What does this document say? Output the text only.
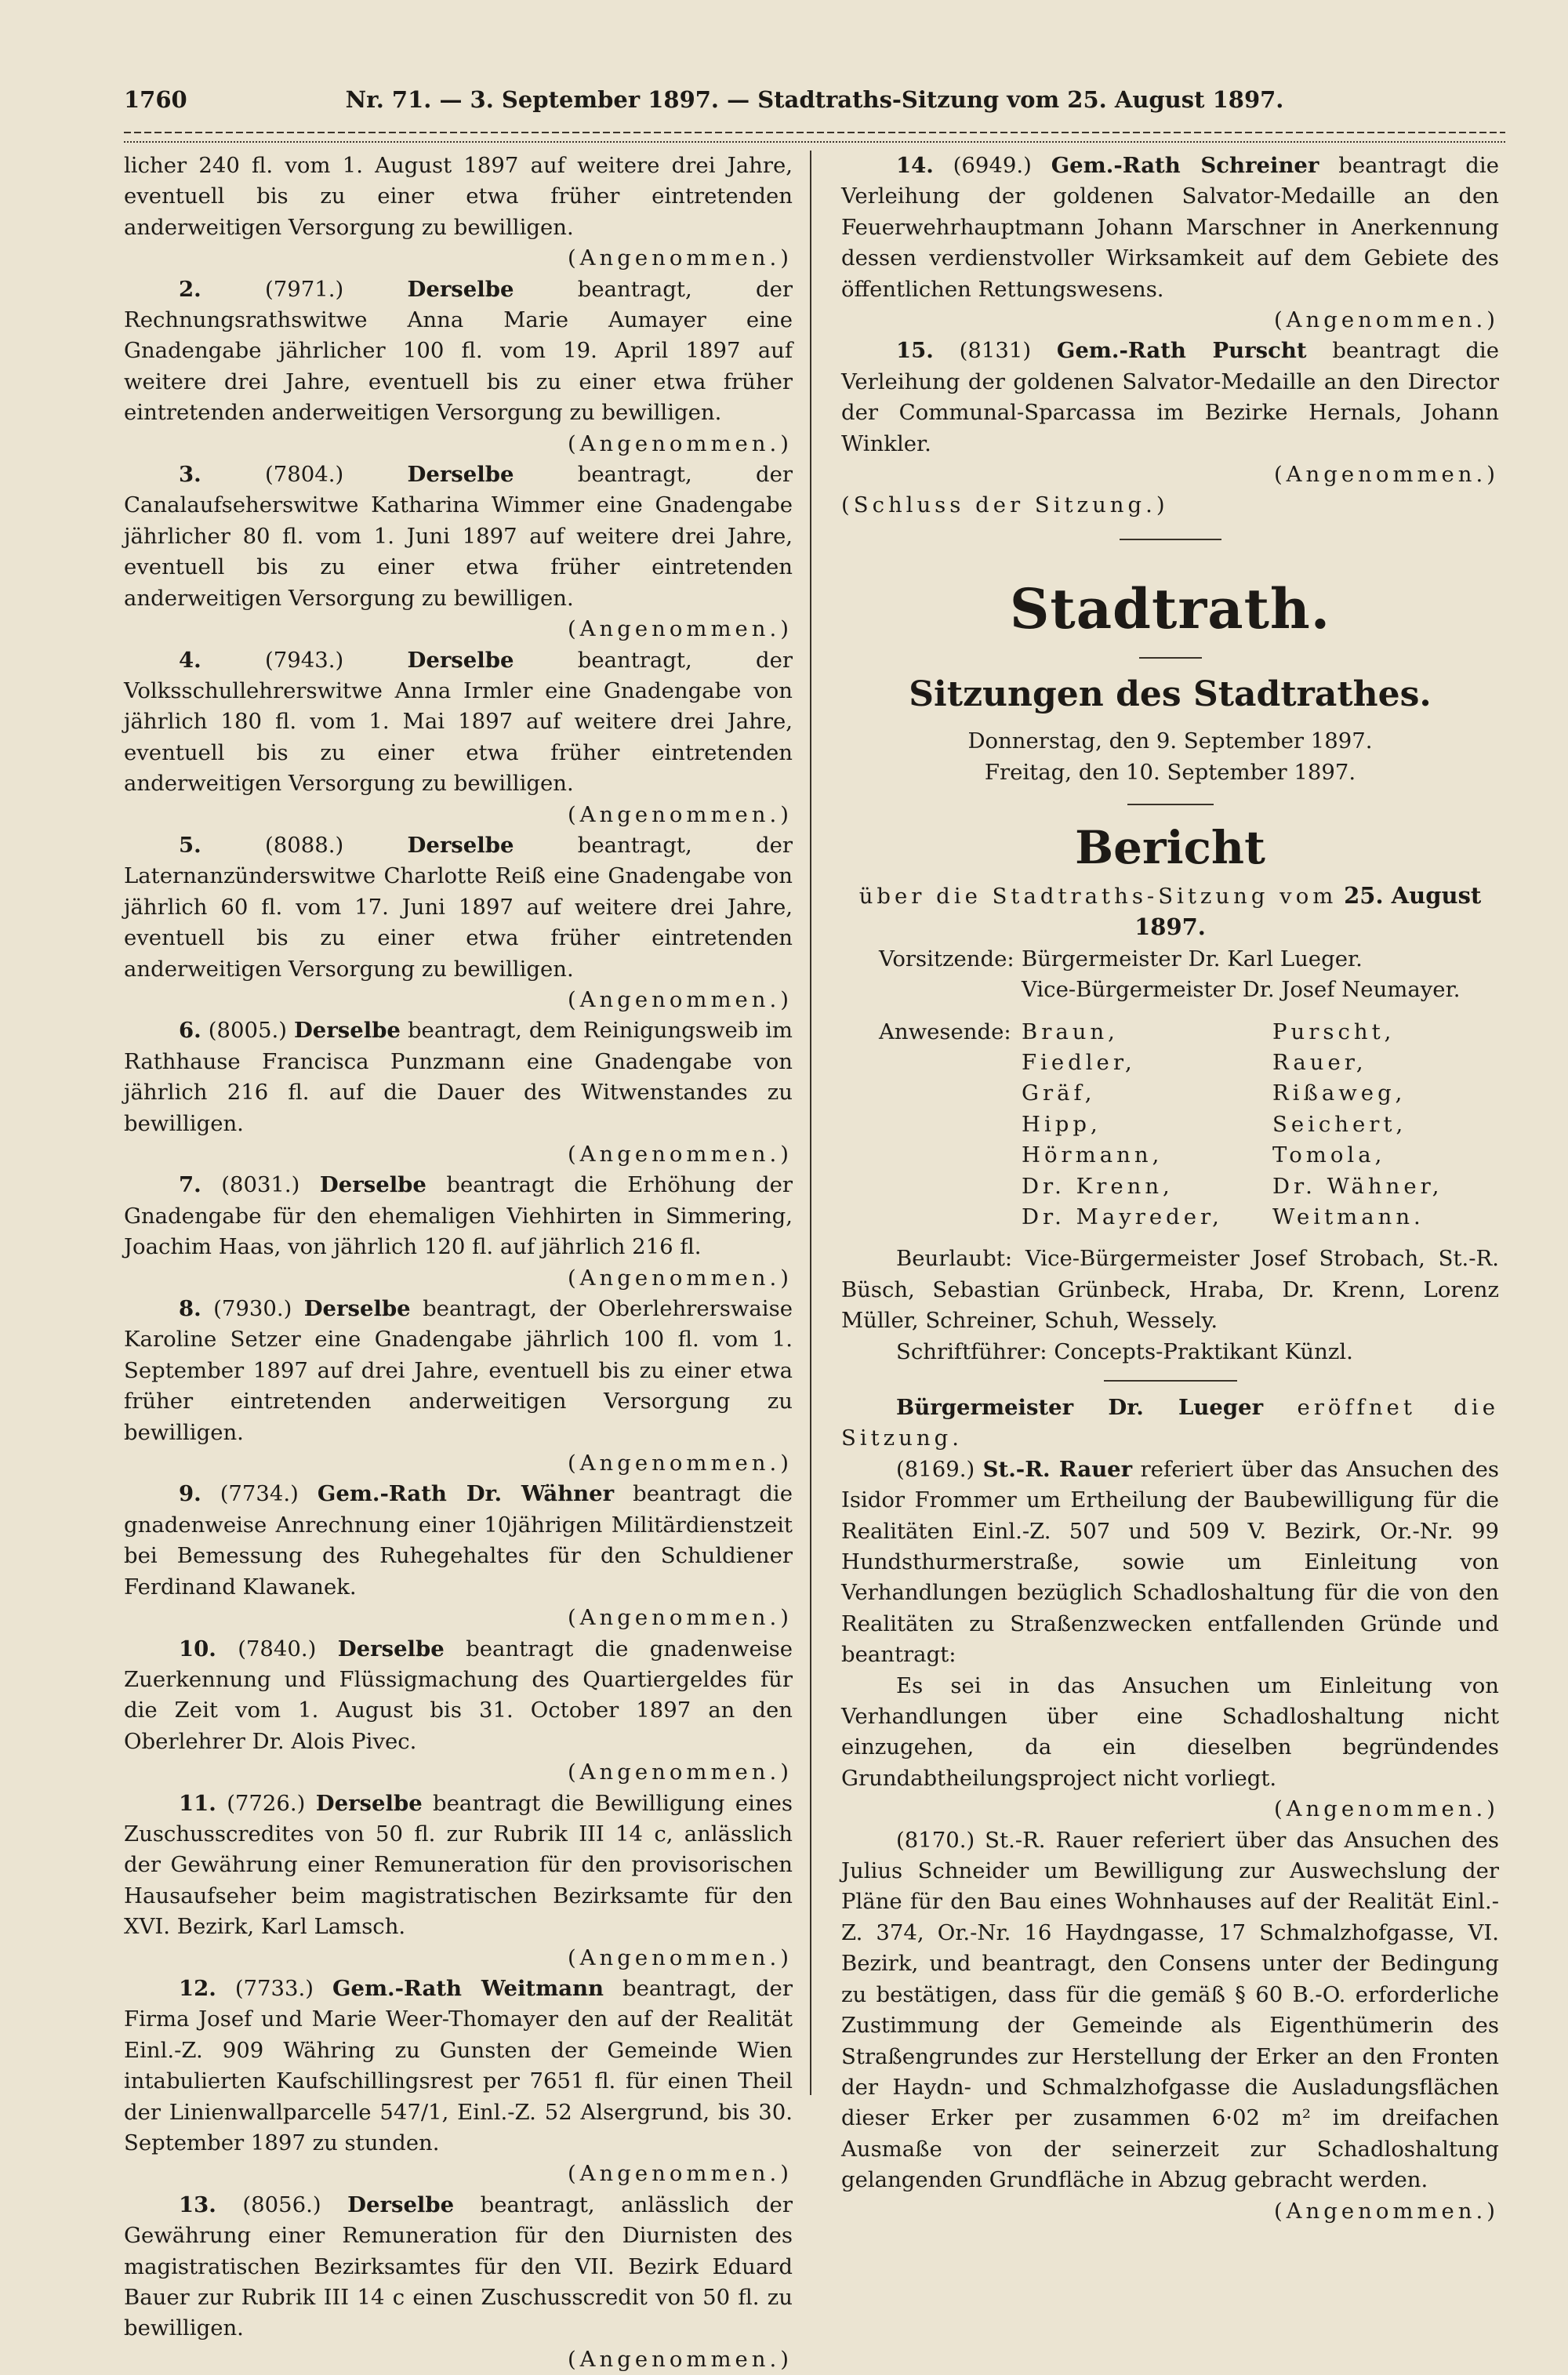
1760	Nr. 71. — 3. September 1897. — Stadtraths-Sitzung vom 25. August 1897.

licher 240 fl. vom 1. August 1897 auf weitere drei Jahre, eventuell bis zu einer etwa früher eintretenden anderweitigen Versorgung zu bewilligen.

(Angenommen.)

2.	(7971.)	Derselbe	beantragt, der Rechnungsrathswitwe Anna Marie Aumayer eine Gnadengabe jährlicher 100 fl. vom 19. April 1897 auf weitere drei Jahre, eventuell bis zu einer etwa früher eintretenden anderweitigen Versorgung zu bewilligen.

(Angenommen.)

3.	(7804.)	Derselbe	beantragt, der Canalaufseherswitwe Katharina Wimmer eine Gnadengabe jährlicher 80 fl. vom 1. Juni 1897 auf weitere drei Jahre, eventuell bis zu einer etwa früher eintretenden anderweitigen Versorgung zu bewilligen.

(Angenommen.)

4.	(7943.)	Derselbe	beantragt, der Volksschullehrerswitwe Anna Irmler eine Gnadengabe von jährlich 180 fl. vom 1. Mai 1897 auf weitere drei Jahre, eventuell bis zu einer etwa früher eintretenden anderweitigen Versorgung zu bewilligen.

(Angenommen.)

5.	(8088.)	Derselbe	beantragt, der Laternanzünderswitwe Charlotte Reiß eine Gnadengabe von jährlich 60 fl. vom 17. Juni 1897 auf weitere drei Jahre, eventuell bis zu einer etwa früher eintretenden anderweitigen Versorgung zu bewilligen.

(Angenommen.)

6. (8005.) Derselbe beantragt, dem Reinigungsweib im Rathhause Francisca Punzmann eine Gnadengabe von jährlich 216 fl. auf die Dauer des Witwenstandes zu bewilligen.

(Angenommen.)

7. (8031.) Derselbe beantragt die Erhöhung der Gnadengabe für den ehemaligen Viehhirten in Simmering, Joachim Haas, von jährlich 120 fl. auf jährlich 216 fl.

(Angenommen.)

8. (7930.) Derselbe beantragt, der Oberlehrerswaise Karoline Setzer eine Gnadengabe jährlich 100 fl. vom 1. September 1897 auf drei Jahre, eventuell bis zu einer etwa früher eintretenden anderweitigen Versorgung zu bewilligen.

(Angenommen.)

9. (7734.) Gem.-Rath Dr. Wähner beantragt die gnadenweise Anrechnung einer 10jährigen Militärdienstzeit bei Bemessung des Ruhegehaltes für den Schuldiener Ferdinand Klawanek.

(Angenommen.)

10. (7840.) Derselbe beantragt die gnadenweise Zuerkennung und Flüssigmachung des Quartiergeldes für die Zeit vom 1. August bis 31. October 1897 an den Oberlehrer Dr. Alois Pivec.

(Angenommen.)

11. (7726.) Derselbe beantragt die Bewilligung eines Zuschusscredites von 50 fl. zur Rubrik III 14 c, anlässlich der Gewährung einer Remuneration für den provisorischen Hausaufseher beim magistratischen Bezirksamte für den XVI. Bezirk, Karl Lamsch.

(Angenommen.)

12. (7733.) Gem.-Rath Weitmann beantragt, der Firma Josef und Marie Weer-Thomayer den auf der Realität Einl.-Z. 909 Währing zu Gunsten der Gemeinde Wien intabulierten Kaufschillingsrest per 7651 fl. für einen Theil der Linienwallparcelle 547/1, Einl.-Z. 52 Alsergrund, bis 30. September 1897 zu stunden.

(Angenommen.)

13. (8056.) Derselbe beantragt, anlässlich der Gewährung einer Remuneration für den Diurnisten des magistratischen Bezirksamtes für den VII. Bezirk Eduard Bauer zur Rubrik III 14 c einen Zuschusscredit von 50 fl. zu bewilligen.

(Angenommen.)

14. (6949.) Gem.-Rath Schreiner beantragt die Verleihung der goldenen Salvator-Medaille an den Feuerwehrhauptmann Johann Marschner in Anerkennung dessen verdienstvoller Wirksamkeit auf dem Gebiete des öffentlichen Rettungswesens.

(Angenommen.)

15. (8131) Gem.-Rath Purscht beantragt die Verleihung der goldenen Salvator-Medaille an den Director der Communal-Sparcassa im Bezirke Hernals, Johann Winkler.

(Angenommen.)

(Schluss der Sitzung.)

Stadtrath.
Sitzungen des Stadtrathes.
Donnerstag, den 9. September 1897.
Freitag, den 10. September 1897.
Bericht

über die Stadtraths-Sitzung vom 25. August 1897.

Vorsitzende: Bürgermeister Dr. Karl Lueger.
Vice-Bürgermeister Dr. Josef Neumayer.
Anwesende: Braun,	Purscht,
Fiedler,	Rauer,
Gräf,	Rißaweg,
Hipp,	Seichert,
Hörmann,	Tomola,
Dr. Krenn,	Dr. Wähner,
Dr. Mayreder,	Weitmann.

Beurlaubt: Vice-Bürgermeister Josef Strobach, St.-R. Büsch, Sebastian Grünbeck, Hraba, Dr. Krenn, Lorenz Müller, Schreiner, Schuh, Wessely.

Schriftführer: Concepts-Praktikant Künzl.

Bürgermeister Dr. Lueger eröffnet die Sitzung.

(8169.) St.-R. Rauer referiert über das Ansuchen des Isidor Frommer um Ertheilung der Baubewilligung für die Realitäten Einl.-Z. 507 und 509 V. Bezirk, Or.-Nr. 99 Hundsthurmerstraße, sowie um Einleitung von Verhandlungen bezüglich Schadloshaltung für die von den Realitäten zu Straßenzwecken entfallenden Gründe und beantragt:

Es sei in das Ansuchen um Einleitung von Verhandlungen über eine Schadloshaltung nicht einzugehen, da ein dieselben begründendes Grundabtheilungsproject nicht vorliegt.

(Angenommen.)

(8170.) St.-R. Rauer referiert über das Ansuchen des Julius Schneider um Bewilligung zur Auswechslung der Pläne für den Bau eines Wohnhauses auf der Realität Einl.-Z. 374, Or.-Nr. 16 Haydngasse, 17 Schmalzhofgasse, VI. Bezirk, und beantragt, den Consens unter der Bedingung zu bestätigen, dass für die gemäß § 60 B.-O. erforderliche Zustimmung der Gemeinde als Eigenthümerin des Straßengrundes zur Herstellung der Erker an den Fronten der Haydn- und Schmalzhofgasse die Ausladungsflächen dieser Erker per zusammen 6·02 m² im dreifachen Ausmaße von der seinerzeit zur Schadloshaltung gelangenden Grundfläche in Abzug gebracht werden.

(Angenommen.)
